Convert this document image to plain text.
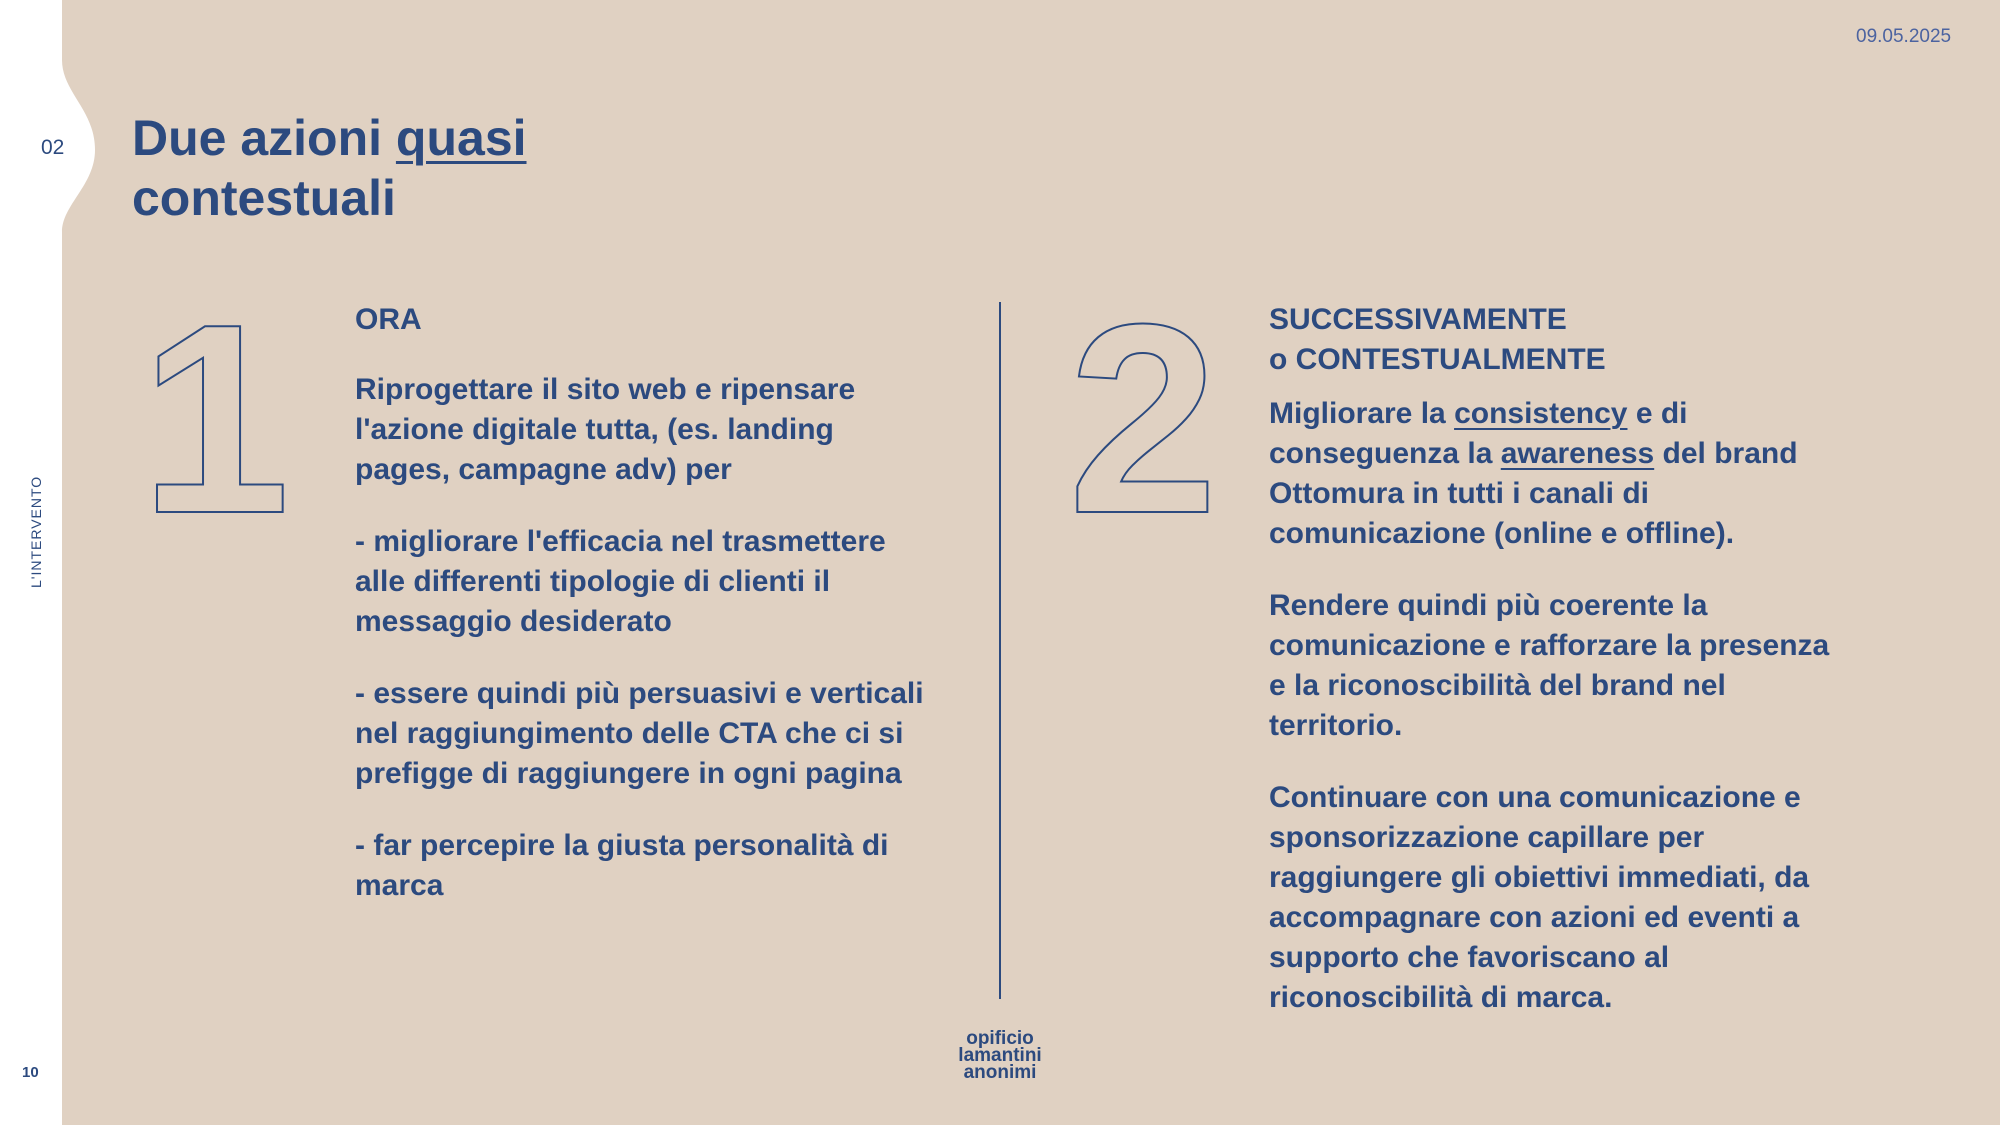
09.05.2025
02
L'INTERVENTO
10
Due azioni quasi
contestuali
1	2

ORA

Riprogettare il sito web e ripensare l'azione digitale tutta, (es. landing pages, campagne adv) per

- migliorare l'efficacia nel trasmettere alle differenti tipologie di clienti il messaggio desiderato

- essere quindi più persuasivi e verticali nel raggiungimento delle CTA che ci si prefigge di raggiungere in ogni pagina

- far percepire la giusta personalità di marca

SUCCESSIVAMENTE
o CONTESTUALMENTE

Migliorare la consistency e di conseguenza la awareness del brand Ottomura in tutti i canali di comunicazione (online e offline).

Rendere quindi più coerente la comunicazione e rafforzare la presenza e la riconoscibilità del brand nel territorio.

Continuare con una comunicazione e sponsorizzazione capillare per raggiungere gli obiettivi immediati, da accompagnare con azioni ed eventi a supporto che favoriscano al riconoscibilità di marca.

opificio
lamantini
anonimi
